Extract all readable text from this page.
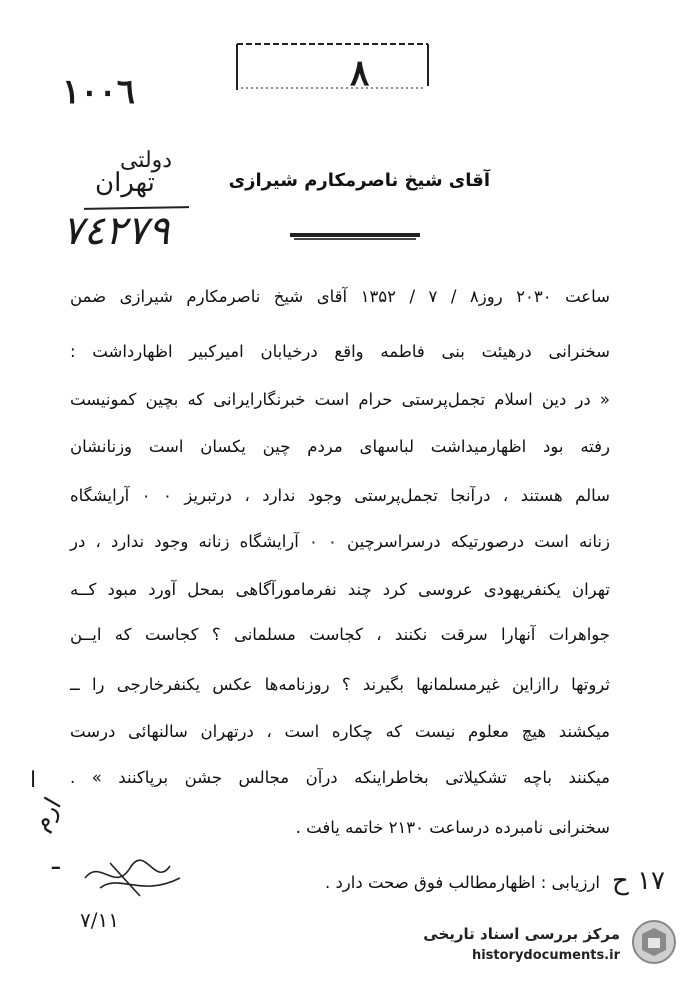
٨
١٠٠٦
دولتی
تهران
٧٤٢٧٩
آقای شیخ ناصرمکارم شیرازی
ساعت ۲۰۳۰ روز۸ / ۷ / ۱۳۵۲ آقای شیخ ناصرمکارم شیرازی ضمن
سخنرانی درهیئت بنی فاطمه واقع درخیابان امیرکبیر اظهارداشت :
« در دین اسلام تجمل‌پرستی حرام است خبرنگارایرانی که بچین کمونیست
رفته بود اظهارمیداشت لباسهای مردم چین یکسان است وزنانشان
سالم هستند ، درآنجا تجمل‌پرستی وجود ندارد ، درتبریز ۰ ۰ آرایشگاه
زنانه است درصورتیکه درسراسرچین ۰ ۰ آرایشگاه زنانه وجود ندارد ، در
تهران یکنفریهودی عروسی کرد چند نفرمامورآگاهی بمحل آورد مبود کــه
جواهرات آنهارا سرقت نکنند ، کجاست مسلمانی ؟ کجاست که ایــن
ثروتها راازاین غیرمسلمانها بگیرند ؟ روزنامه‌ها عکس یکنفرخارجی را ــ
میکشند هیچ معلوم نیست که چکاره است ، درتهران سالنهائی درست
میکنند باچه تشکیلاتی بخاطراینکه درآن مجالس جشن برپاکنند » .
سخنرانی نامبرده درساعت ۲۱۳۰ خاتمه یافت .
ارزیابی : اظهارمطالب فوق صحت دارد .
ا
ارم
ـ
٧/١١
١٧ ح
مرکز بررسی اسناد تاریخی
historydocuments.ir
